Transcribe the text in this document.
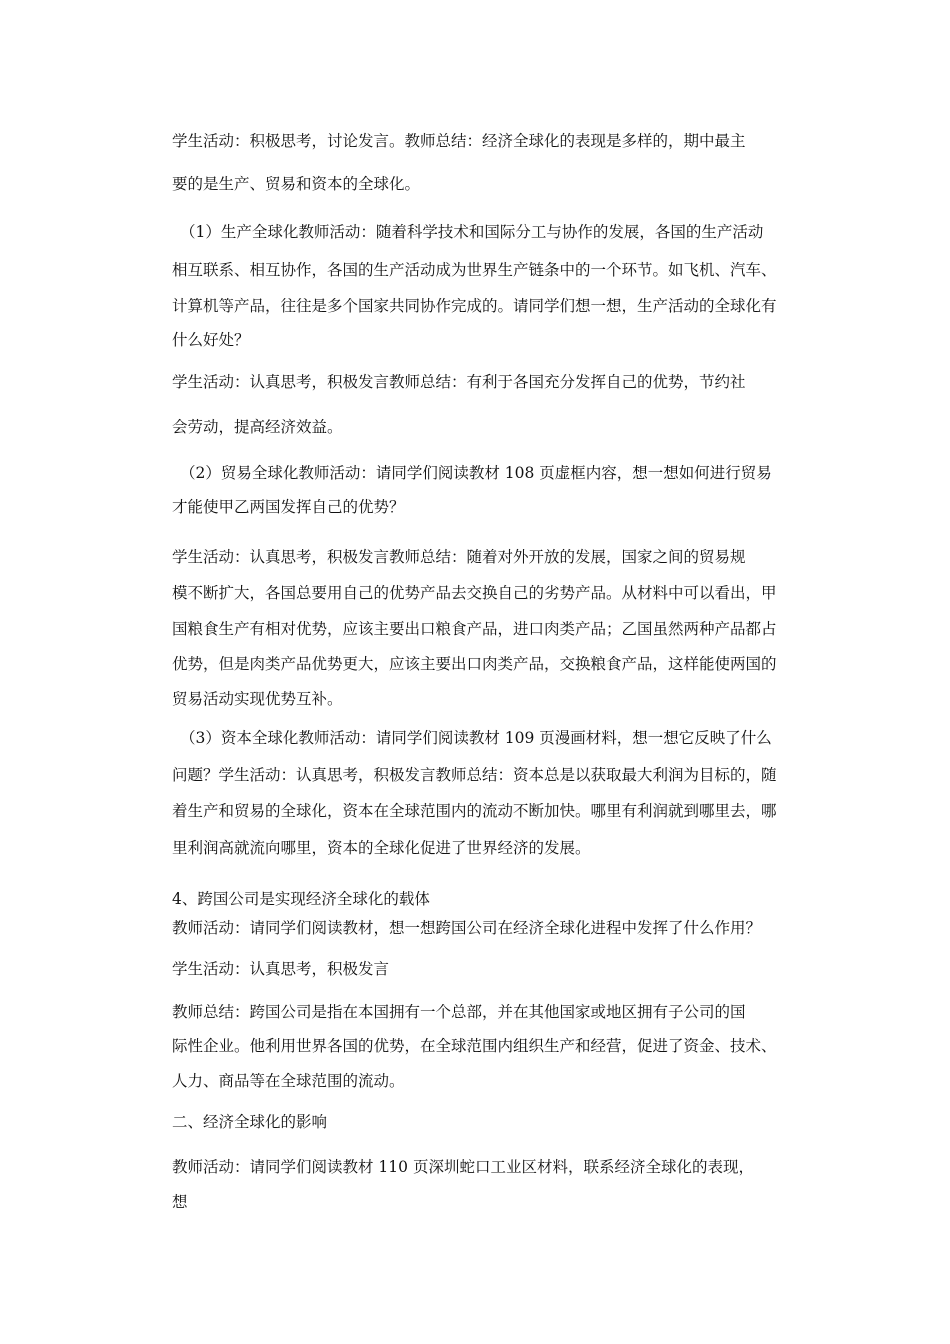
学生活动：积极思考，讨论发言。教师总结：经济全球化的表现是多样的，期中最主
要的是生产、贸易和资本的全球化。
（1）生产全球化教师活动：随着科学技术和国际分工与协作的发展，各国的生产活动
相互联系、相互协作，各国的生产活动成为世界生产链条中的一个环节。如飞机、汽车、
计算机等产品，往往是多个国家共同协作完成的。请同学们想一想，生产活动的全球化有
什么好处？
学生活动：认真思考，积极发言教师总结：有利于各国充分发挥自己的优势，节约社
会劳动，提高经济效益。
（2）贸易全球化教师活动：请同学们阅读教材 108 页虚框内容，想一想如何进行贸易
才能使甲乙两国发挥自己的优势？
学生活动：认真思考，积极发言教师总结：随着对外开放的发展，国家之间的贸易规
模不断扩大，各国总要用自己的优势产品去交换自己的劣势产品。从材料中可以看出，甲
国粮食生产有相对优势，应该主要出口粮食产品，进口肉类产品；乙国虽然两种产品都占
优势，但是肉类产品优势更大，应该主要出口肉类产品，交换粮食产品，这样能使两国的
贸易活动实现优势互补。
（3）资本全球化教师活动：请同学们阅读教材 109 页漫画材料，想一想它反映了什么
问题？学生活动：认真思考，积极发言教师总结：资本总是以获取最大利润为目标的，随
着生产和贸易的全球化，资本在全球范围内的流动不断加快。哪里有利润就到哪里去，哪
里利润高就流向哪里，资本的全球化促进了世界经济的发展。
4、跨国公司是实现经济全球化的载体
教师活动：请同学们阅读教材，想一想跨国公司在经济全球化进程中发挥了什么作用？
学生活动：认真思考，积极发言
教师总结：跨国公司是指在本国拥有一个总部，并在其他国家或地区拥有子公司的国
际性企业。他利用世界各国的优势，在全球范围内组织生产和经营，促进了资金、技术、
人力、商品等在全球范围的流动。
二、经济全球化的影响
教师活动：请同学们阅读教材 110 页深圳蛇口工业区材料，联系经济全球化的表现，
想
